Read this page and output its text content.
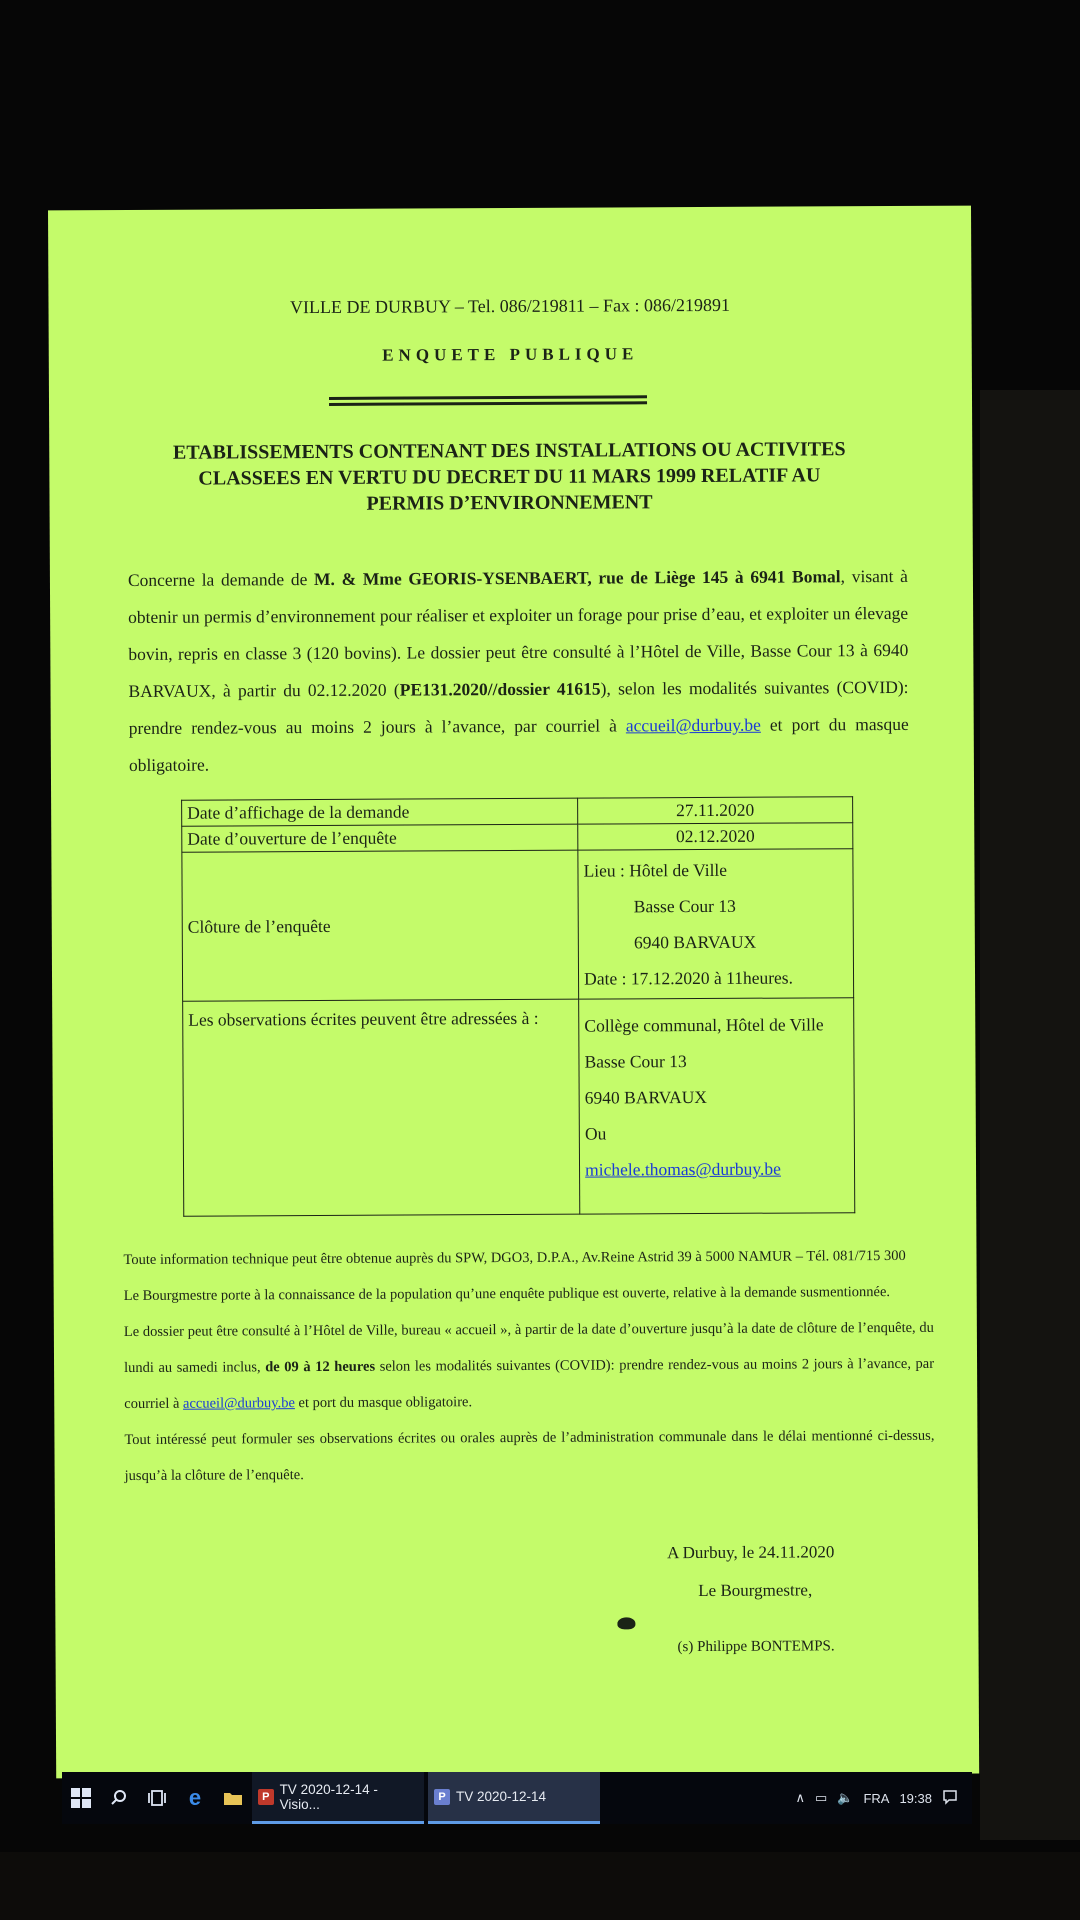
VILLE DE DURBUY – Tel. 086/219811 – Fax : 086/219891
ENQUETE PUBLIQUE
ETABLISSEMENTS CONTENANT DES INSTALLATIONS OU ACTIVITES
CLASSEES EN VERTU DU DECRET DU 11 MARS 1999 RELATIF AU
PERMIS D’ENVIRONNEMENT
Concerne la demande de M. & Mme GEORIS-YSENBAERT, rue de Liège 145 à 6941 Bomal, visant à obtenir un permis d’environnement pour réaliser et exploiter un forage pour prise d’eau, et exploiter un élevage bovin, repris en classe 3 (120 bovins). Le dossier peut être consulté à l’Hôtel de Ville, Basse Cour 13 à 6940 BARVAUX, à partir du 02.12.2020 (PE131.2020//dossier 41615), selon les modalités suivantes (COVID): prendre rendez-vous au moins 2 jours à l’avance, par courriel à accueil@durbuy.be et port du masque obligatoire.
Date d’affichage de la demande	27.11.2020
Date d’ouverture de l’enquête	02.12.2020
Clôture de l’enquête	Lieu : Hôtel de Ville
Basse Cour 13
6940 BARVAUX
Date : 17.12.2020 à 11heures.

Les observations écrites peuvent être adressées à :	Collège communal, Hôtel de Ville
Basse Cour 13
6940 BARVAUX
Ou
michele.thomas@durbuy.be

Toute information technique peut être obtenue auprès du SPW, DGO3, D.P.A., Av.Reine Astrid 39 à 5000 NAMUR – Tél. 081/715 300

Le Bourgmestre porte à la connaissance de la population qu’une enquête publique est ouverte, relative à la demande susmentionnée.

Le dossier peut être consulté à l’Hôtel de Ville, bureau « accueil », à partir de la date d’ouverture jusqu’à la date de clôture de l’enquête, du lundi au samedi inclus, de 09 à 12 heures selon les modalités suivantes (COVID): prendre rendez-vous au moins 2 jours à l’avance, par courriel à accueil@durbuy.be et port du masque obligatoire.

Tout intéressé peut formuler ses observations écrites ou orales auprès de l’administration communale dans le délai mentionné ci-dessus, jusqu’à la clôture de l’enquête.

A Durbuy, le 24.11.2020
Le Bourgmestre,
(s) Philippe BONTEMPS.
e	P TV 2020-12-14 - Visio...	P TV 2020-12-14	∧ ▭ 🔈 FRA 19:38
